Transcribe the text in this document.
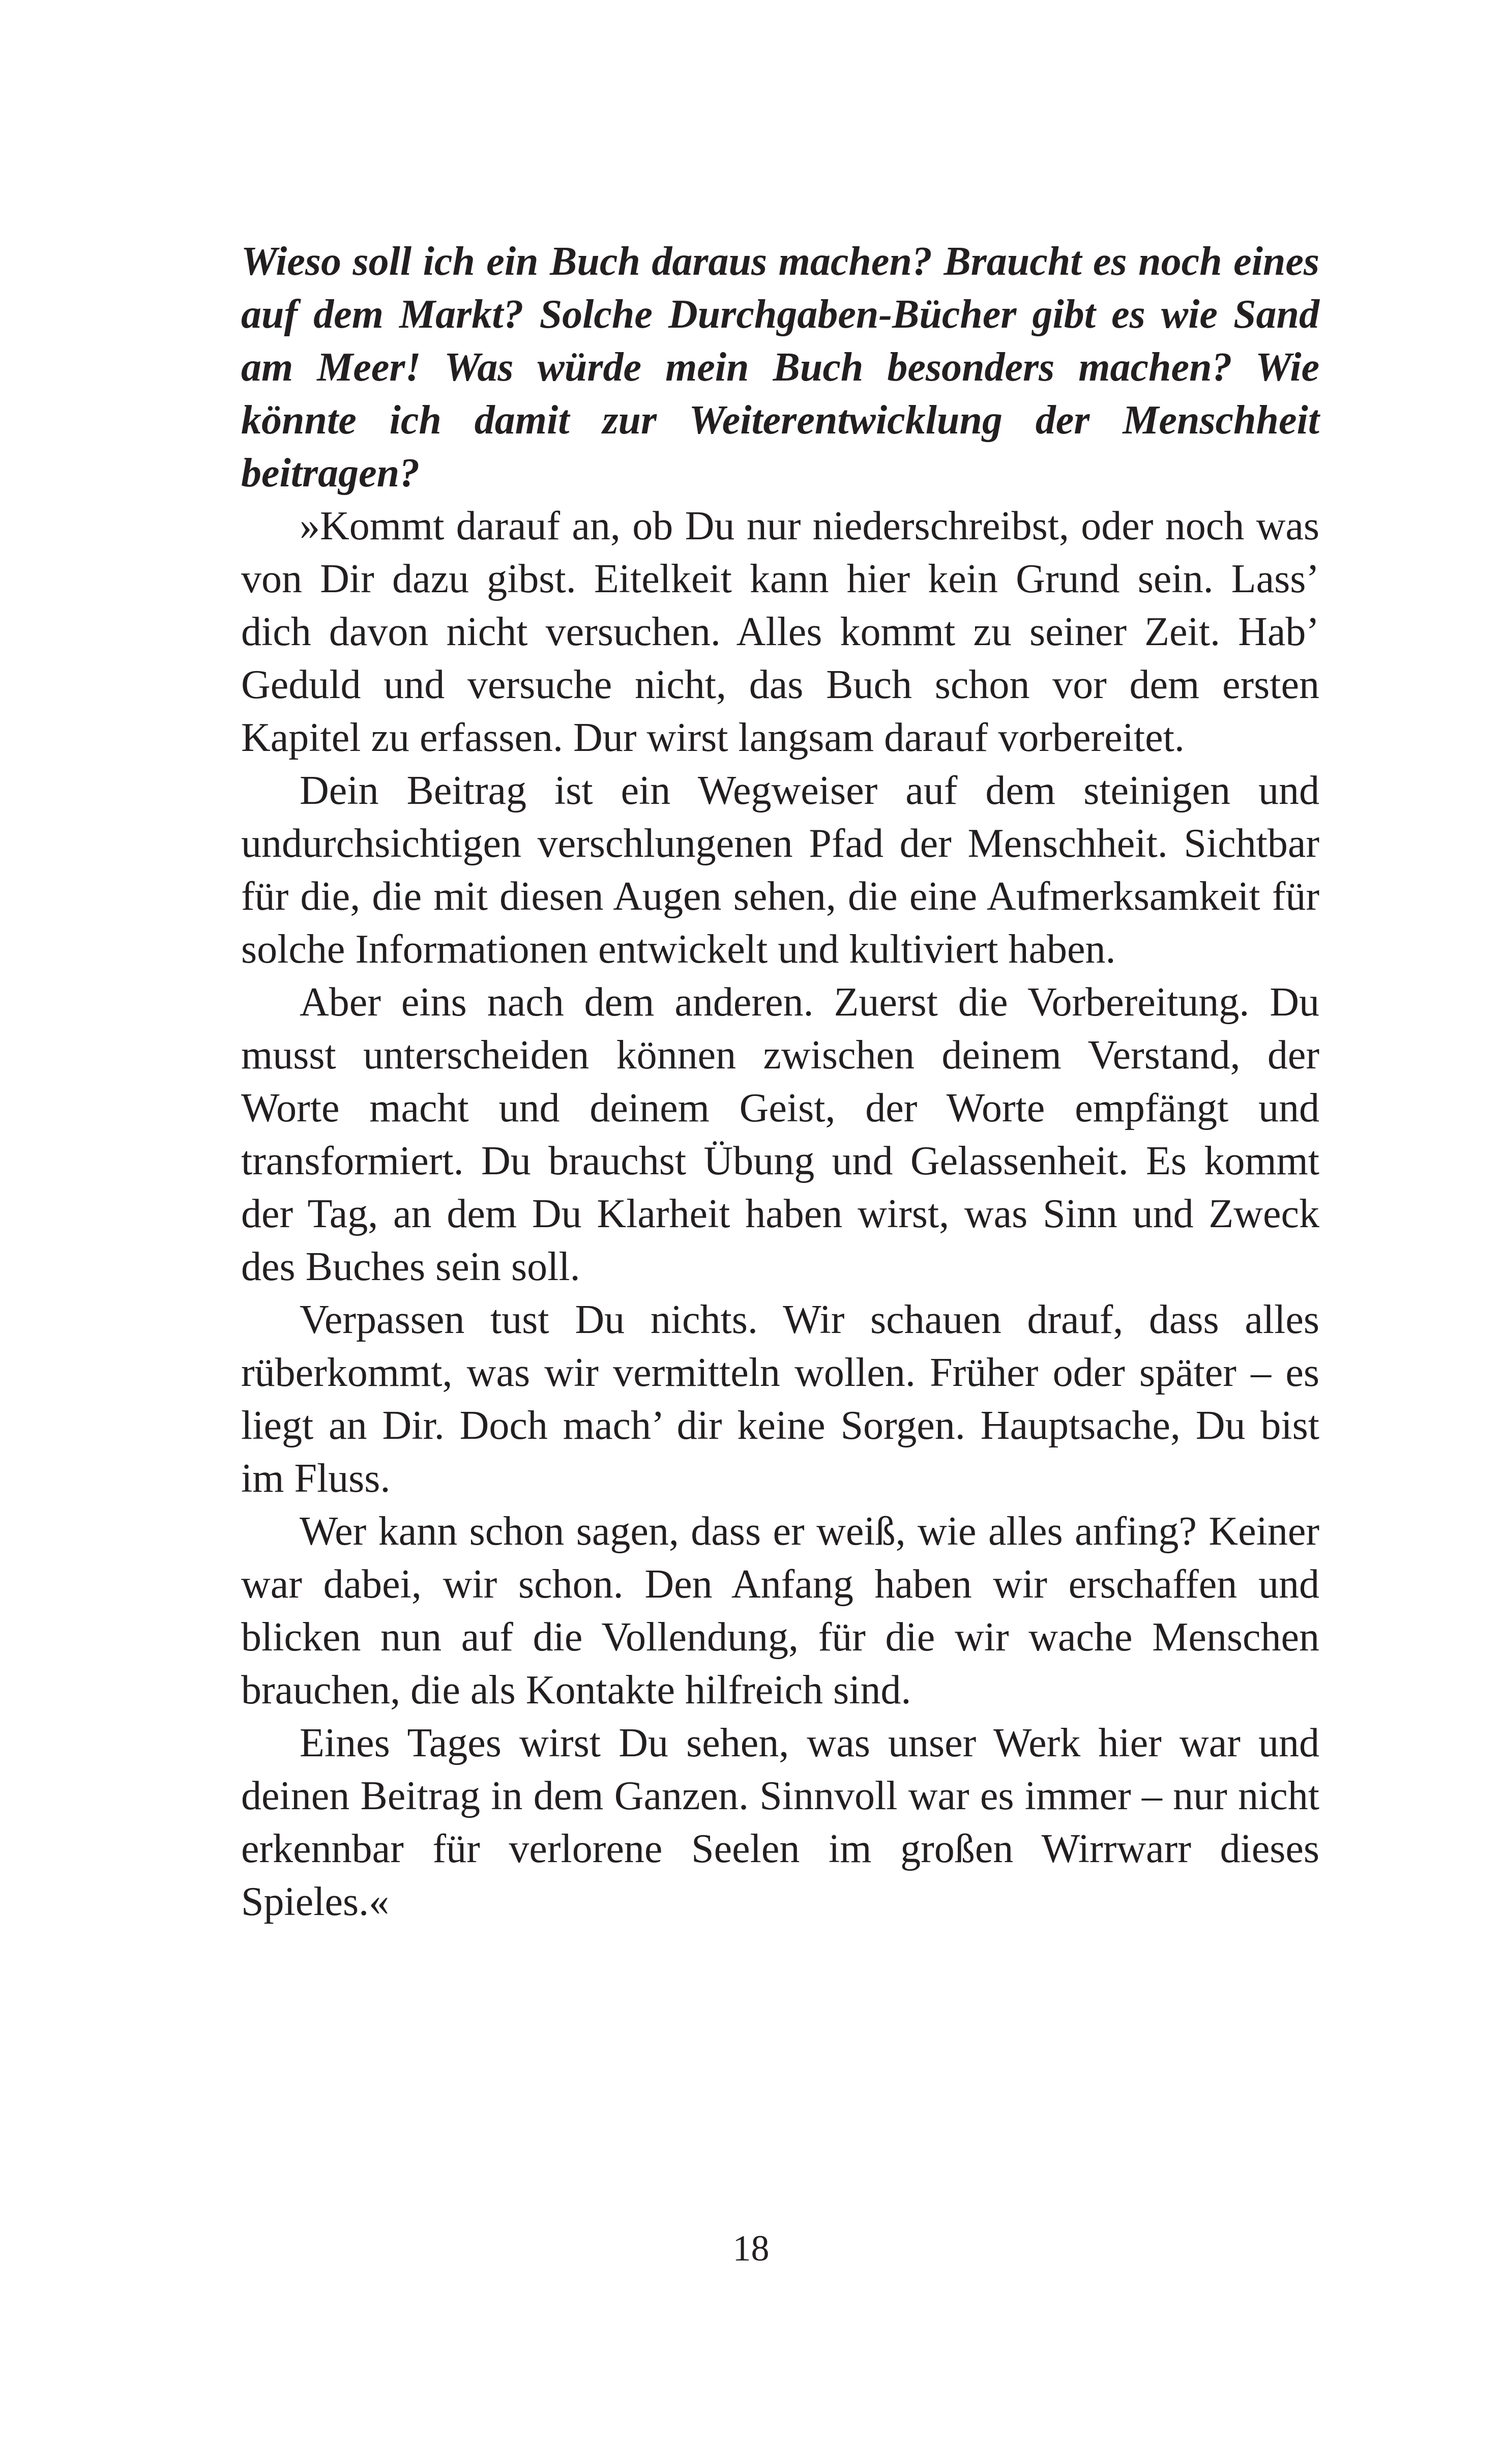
Wieso soll ich ein Buch daraus machen? Braucht es noch eines auf dem Markt? Solche Durchgaben-Bücher gibt es wie Sand am Meer! Was würde mein Buch besonders machen? Wie könnte ich damit zur Weiterentwicklung der Menschheit beitragen?

»Kommt darauf an, ob Du nur niederschreibst, oder noch was von Dir dazu gibst. Eitelkeit kann hier kein Grund sein. Lass’ dich davon nicht versuchen. Alles kommt zu seiner Zeit. Hab’ Geduld und versuche nicht, das Buch schon vor dem ersten Kapitel zu erfassen. Dur wirst langsam darauf vorbereitet.

Dein Beitrag ist ein Wegweiser auf dem steinigen und undurchsichtigen verschlungenen Pfad der Menschheit. Sichtbar für die, die mit diesen Augen sehen, die eine Aufmerksamkeit für solche Informationen entwickelt und kultiviert haben.

Aber eins nach dem anderen. Zuerst die Vorbereitung. Du musst unterscheiden können zwischen deinem Verstand, der Worte macht und deinem Geist, der Worte empfängt und transformiert. Du brauchst Übung und Gelassenheit. Es kommt der Tag, an dem Du Klarheit haben wirst, was Sinn und Zweck des Buches sein soll.

Verpassen tust Du nichts. Wir schauen drauf, dass alles rüberkommt, was wir vermitteln wollen. Früher oder später – es liegt an Dir. Doch mach’ dir keine Sorgen. Hauptsache, Du bist im Fluss.

Wer kann schon sagen, dass er weiß, wie alles anfing? Keiner war dabei, wir schon. Den Anfang haben wir erschaffen und blicken nun auf die Vollendung, für die wir wache Menschen brauchen, die als Kontakte hilfreich sind.

Eines Tages wirst Du sehen, was unser Werk hier war und deinen Beitrag in dem Ganzen. Sinnvoll war es immer – nur nicht erkennbar für verlorene Seelen im großen Wirrwarr dieses Spieles.«

18
